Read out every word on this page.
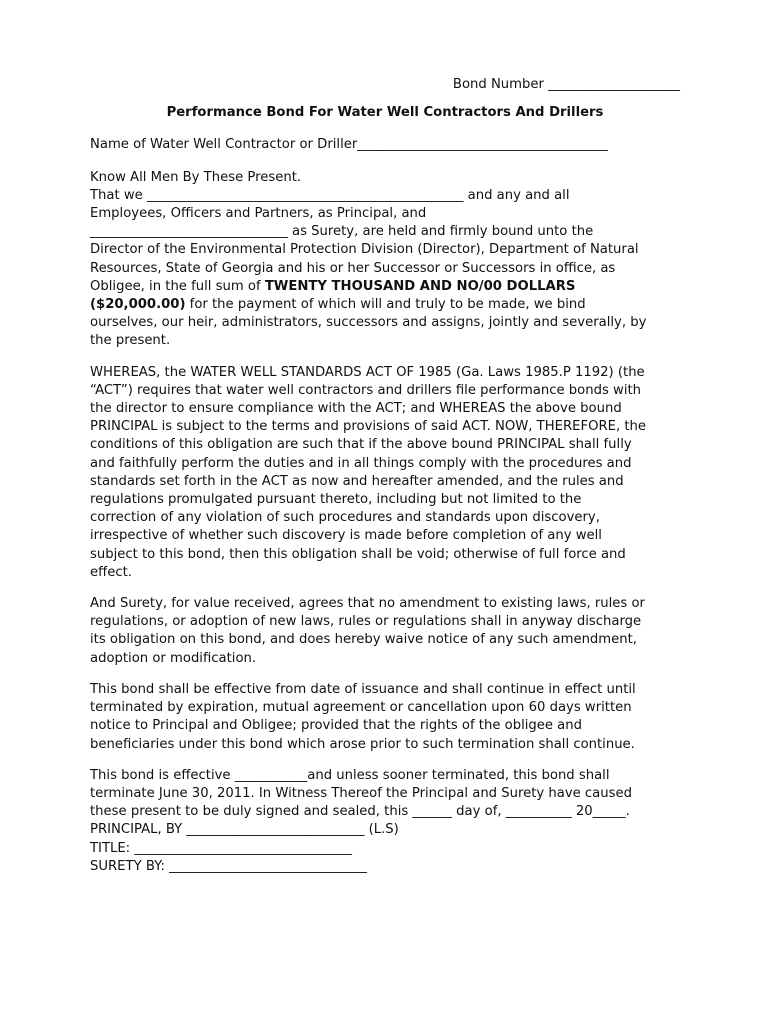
Bond Number ____________________

Performance Bond For Water Well Contractors And Drillers

Name of Water Well Contractor or Driller______________________________________

Know All Men By These Present.
That we ________________________________________________ and any and all
Employees, Officers and Partners, as Principal, and
______________________________ as Surety, are held and firmly bound unto the
Director of the Environmental Protection Division (Director), Department of Natural
Resources, State of Georgia and his or her Successor or Successors in office, as
Obligee, in the full sum of TWENTY THOUSAND AND NO/00 DOLLARS
($20,000.00) for the payment of which will and truly to be made, we bind
ourselves, our heir, administrators, successors and assigns, jointly and severally, by
the present.
WHEREAS, the WATER WELL STANDARDS ACT OF 1985 (Ga. Laws 1985.P 1192) (the
“ACT”) requires that water well contractors and drillers file performance bonds with
the director to ensure compliance with the ACT; and WHEREAS the above bound
PRINCIPAL is subject to the terms and provisions of said ACT. NOW, THEREFORE, the
conditions of this obligation are such that if the above bound PRINCIPAL shall fully
and faithfully perform the duties and in all things comply with the procedures and
standards set forth in the ACT as now and hereafter amended, and the rules and
regulations promulgated pursuant thereto, including but not limited to the
correction of any violation of such procedures and standards upon discovery,
irrespective of whether such discovery is made before completion of any well
subject to this bond, then this obligation shall be void; otherwise of full force and
effect.
And Surety, for value received, agrees that no amendment to existing laws, rules or
regulations, or adoption of new laws, rules or regulations shall in anyway discharge
its obligation on this bond, and does hereby waive notice of any such amendment,
adoption or modification.
This bond shall be effective from date of issuance and shall continue in effect until
terminated by expiration, mutual agreement or cancellation upon 60 days written
notice to Principal and Obligee; provided that the rights of the obligee and
beneficiaries under this bond which arose prior to such termination shall continue.
This bond is effective ___________and unless sooner terminated, this bond shall
terminate June 30, 2011. In Witness Thereof the Principal and Surety have caused
these present to be duly signed and sealed, this ______ day of, __________ 20_____.

PRINCIPAL, BY ___________________________ (L.S)

TITLE: _________________________________

SURETY BY: ______________________________
